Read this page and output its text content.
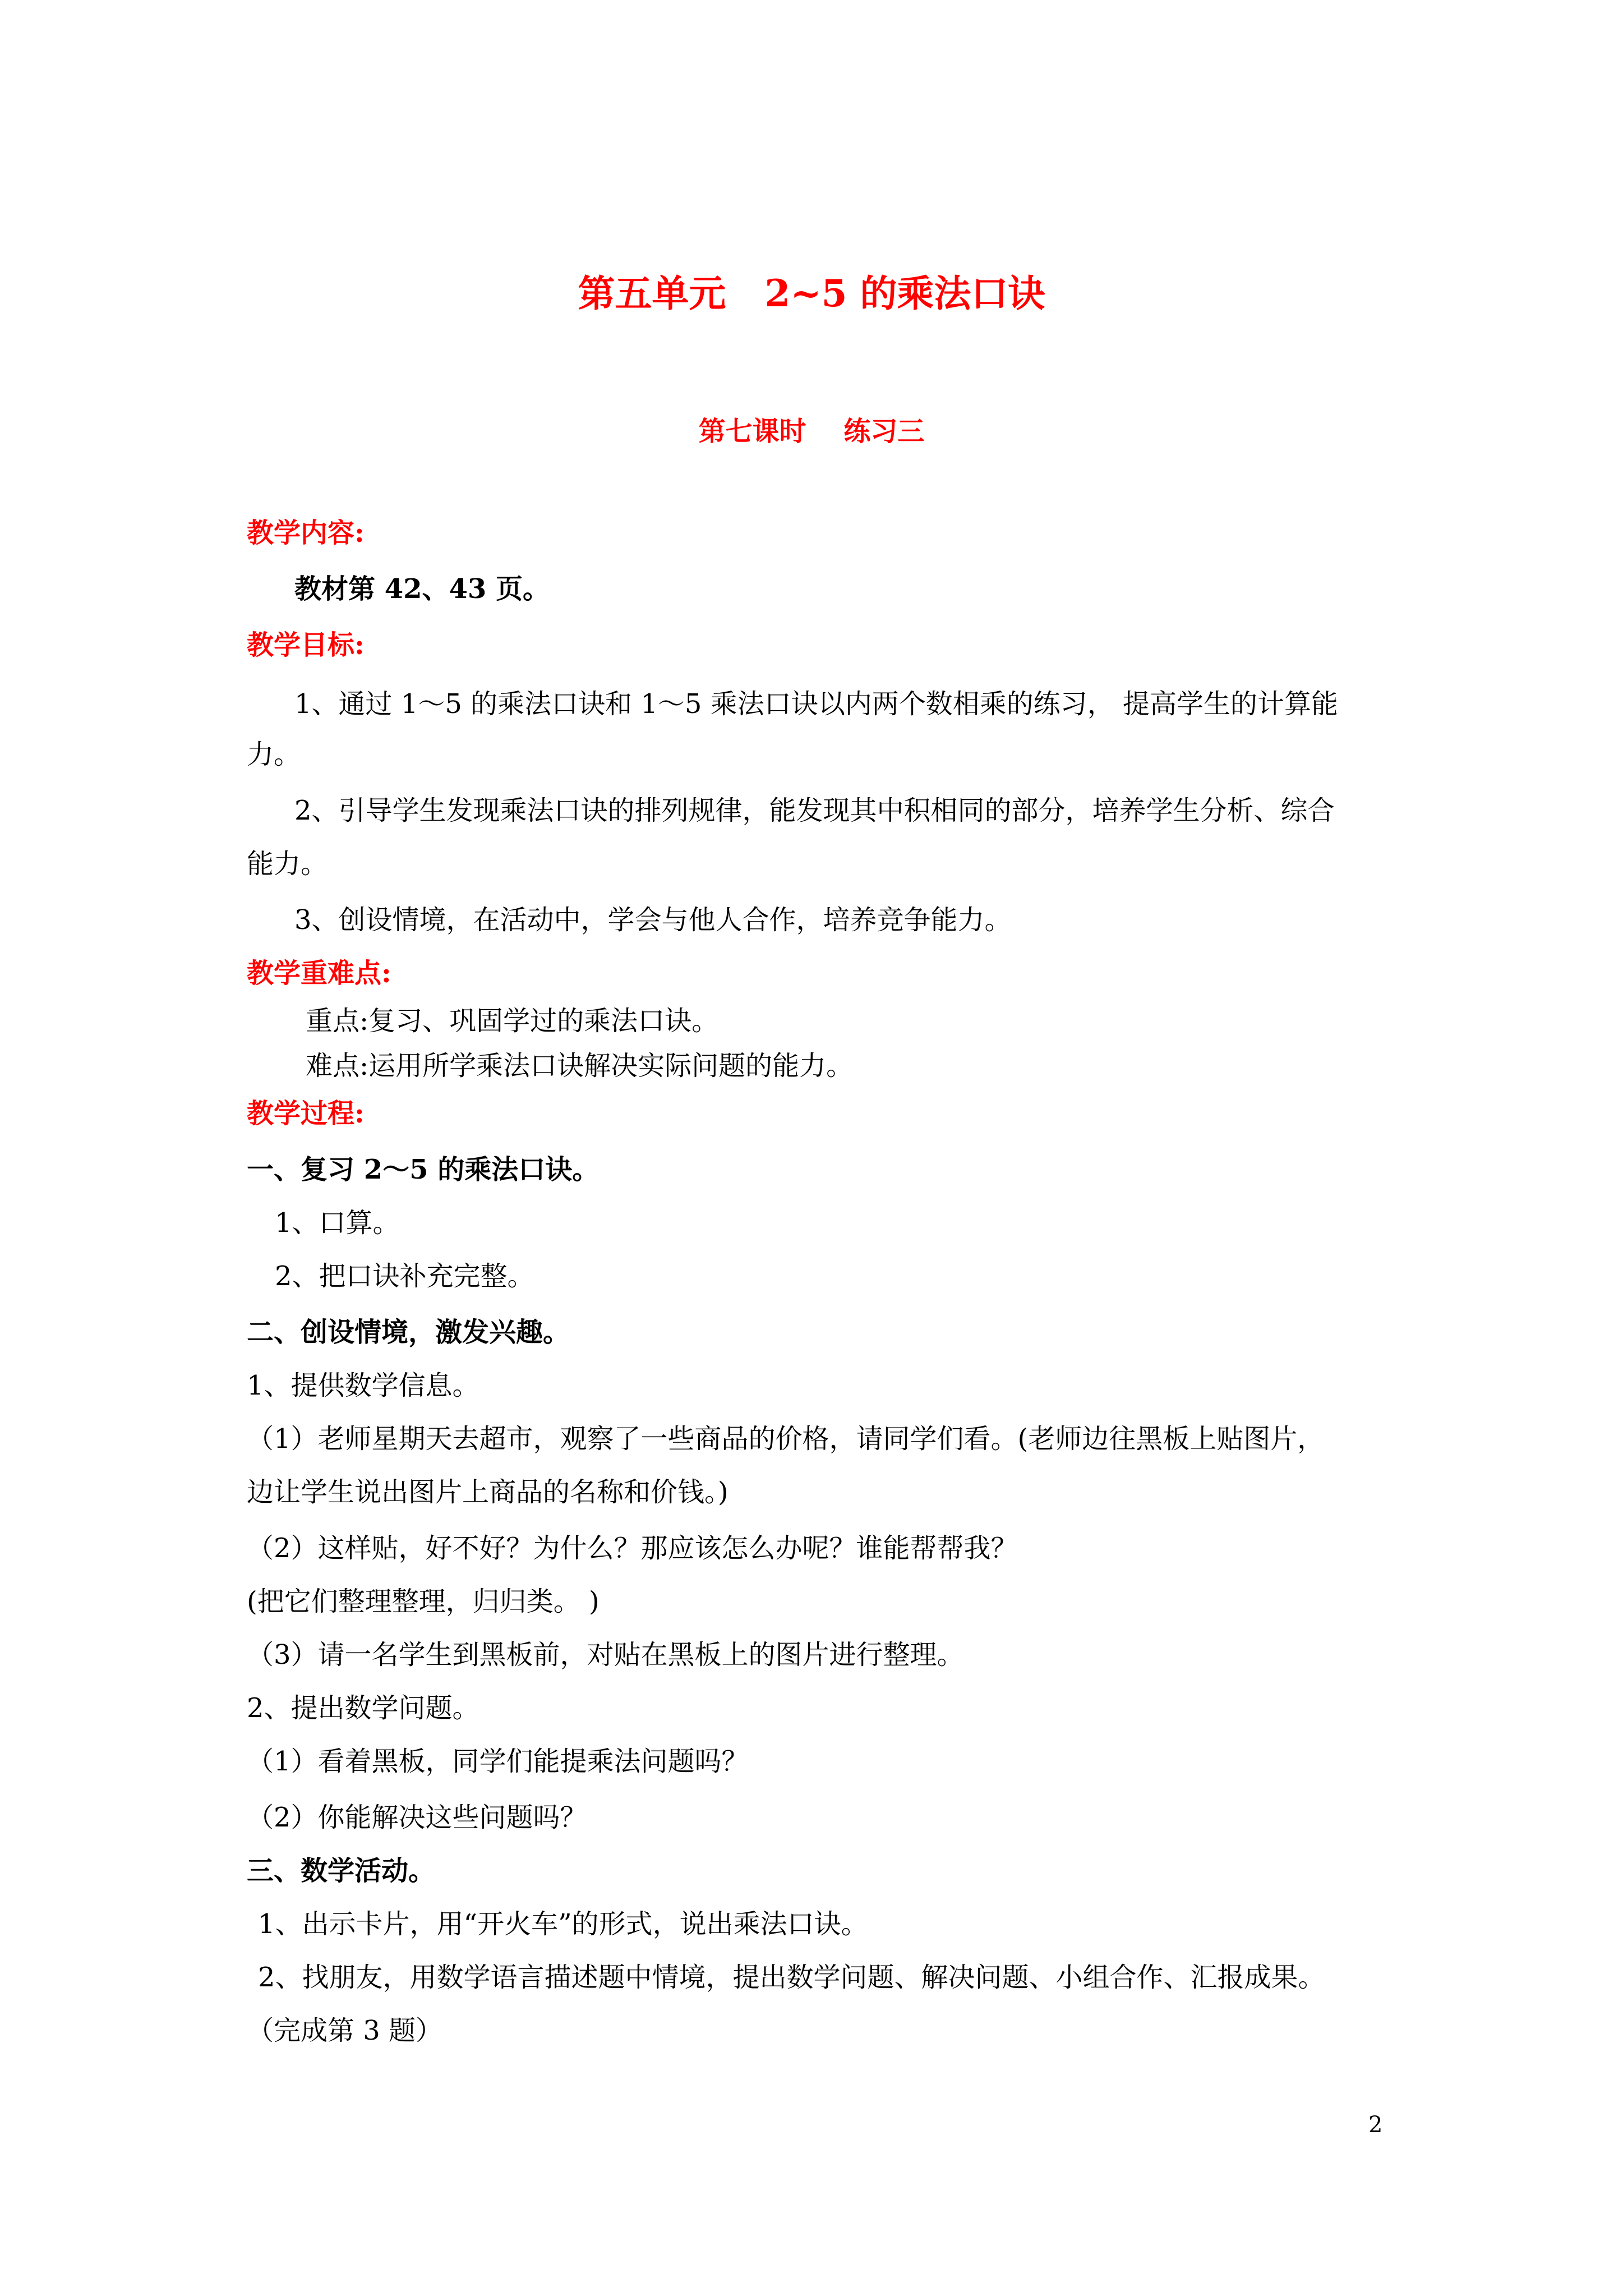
第五单元   2~5 的乘法口诀
第七课时    练习三
教学内容:
教材第 42、43 页。
教学目标:
1、通过 1～5 的乘法口诀和 1～5 乘法口诀以内两个数相乘的练习， 提高学生的计算能
力。
2、引导学生发现乘法口诀的排列规律，能发现其中积相同的部分，培养学生分析、综合
能力。
3、创设情境，在活动中，学会与他人合作，培养竞争能力。
教学重难点:
重点:复习、巩固学过的乘法口诀。
难点:运用所学乘法口诀解决实际问题的能力。
教学过程:
一、复习 2～5 的乘法口诀。
1、口算。
2、把口诀补充完整。
二、创设情境，激发兴趣。
1、提供数学信息。
（1）老师星期天去超市，观察了一些商品的价格，请同学们看。(老师边往黑板上贴图片，
边让学生说出图片上商品的名称和价钱。)
（2）这样贴，好不好？为什么？那应该怎么办呢？谁能帮帮我？
(把它们整理整理，归归类。 )
（3）请一名学生到黑板前，对贴在黑板上的图片进行整理。
2、提出数学问题。
（1）看着黑板，同学们能提乘法问题吗？
（2）你能解决这些问题吗？
三、数学活动。
1、出示卡片，用“开火车”的形式，说出乘法口诀。
2、找朋友，用数学语言描述题中情境，提出数学问题、解决问题、小组合作、汇报成果。
（完成第 3 题）
2
